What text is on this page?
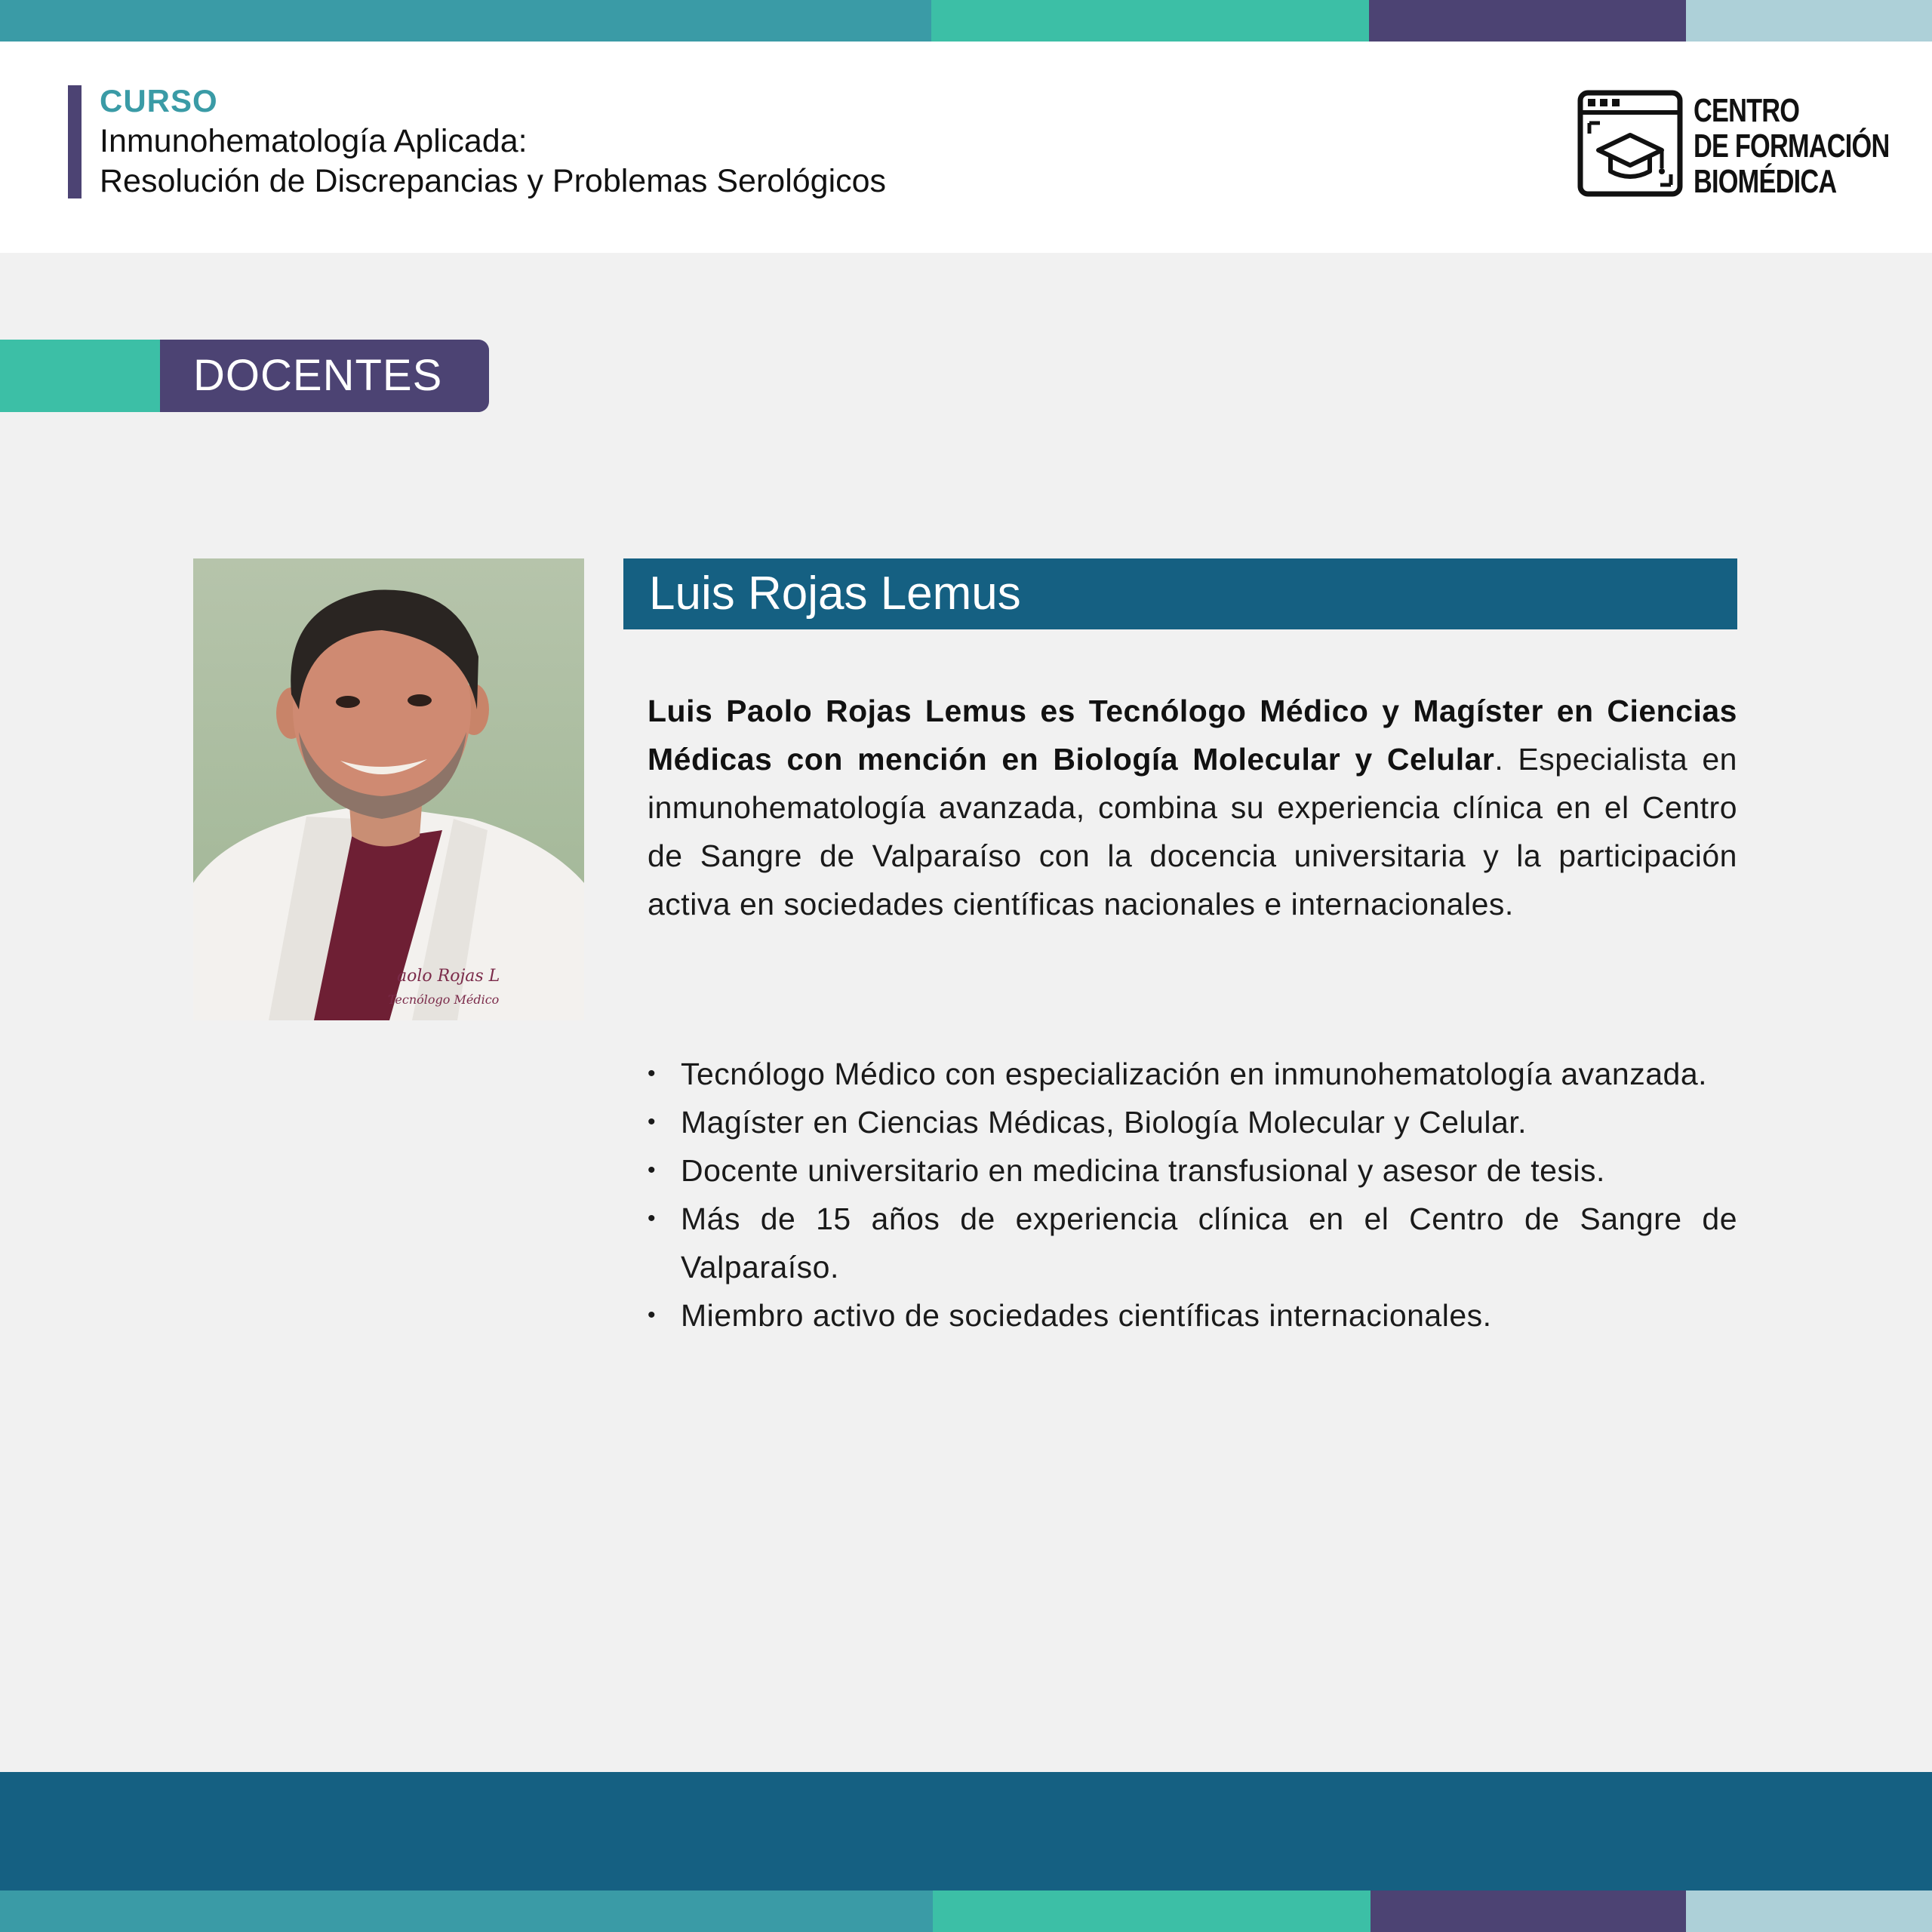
CURSO
Inmunohematología Aplicada:
Resolución de Discrepancias y Problemas Serológicos
CENTRO
DE FORMACIÓN
BIOMÉDICA
DOCENTES
aolo Rojas L
Tecnólogo Médico
Luis Rojas Lemus

Luis Paolo Rojas Lemus es Tecnólogo Médico y Magíster en Ciencias Médicas con mención en Biología Molecular y Celular. Especialista en inmunohematología avanzada, combina su experiencia clínica en el Centro de Sangre de Valparaíso con la docencia universitaria y la participación activa en sociedades científicas nacionales e internacionales.

• Tecnólogo Médico con especialización en inmunohematología avanzada.
• Magíster en Ciencias Médicas, Biología Molecular y Celular.
• Docente universitario en medicina transfusional y asesor de tesis.
• Más de 15 años de experiencia clínica en el Centro de Sangre de Valparaíso.
• Miembro activo de sociedades científicas internacionales.
